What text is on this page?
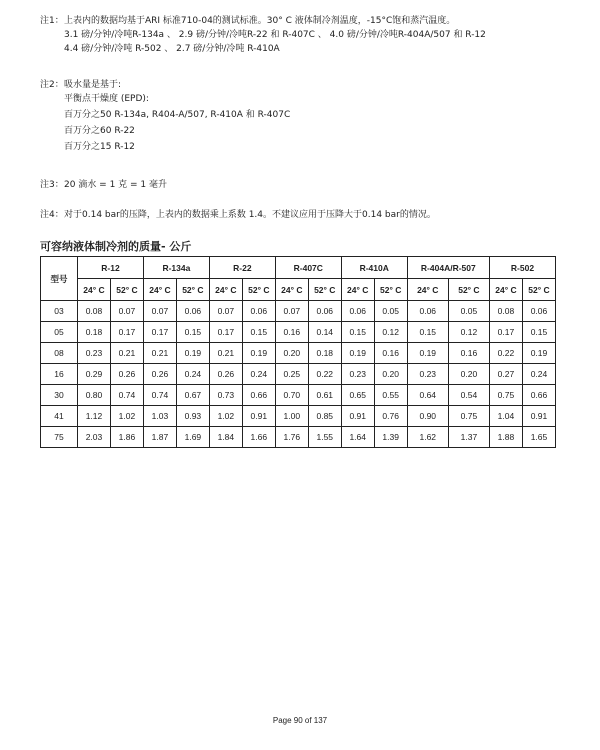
注1：上表内的数据均基于ARI 标准710-04的测试标准。30° C 液体制冷剂温度，-15°C饱和蒸汽温度。
3.1 磅/分钟/冷吨R-134a 、 2.9 磅/分钟/冷吨R-22 和 R-407C 、 4.0 磅/分钟/冷吨R-404A/507 和 R-12
4.4 磅/分钟/冷吨 R-502 、 2.7 磅/分钟/冷吨 R-410A
注2：吸水量是基于:
平衡点干燥度 (EPD):
百万分之50 R-134a, R404-A/507, R-410A 和 R-407C
百万分之60 R-22
百万分之15 R-12
注3：20 滴水 = 1 克 = 1 毫升
注4：对于0.14 bar的压降，上表内的数据乘上系数 1.4。不建议应用于压降大于0.14 bar的情况。
可容纳液体制冷剂的质量- 公斤
型号	R-12		R-134a		R-22		R-407C		R-410A		R-404A/R-507		R-502	
	24° C	52° C	24° C	52° C	24° C	52° C	24° C	52° C	24° C	52° C	24° C	52° C	24° C	52° C
03	0.08	0.07	0.07	0.06	0.07	0.06	0.07	0.06	0.06	0.05	0.06	0.05	0.08	0.06
05	0.18	0.17	0.17	0.15	0.17	0.15	0.16	0.14	0.15	0.12	0.15	0.12	0.17	0.15
08	0.23	0.21	0.21	0.19	0.21	0.19	0.20	0.18	0.19	0.16	0.19	0.16	0.22	0.19
16	0.29	0.26	0.26	0.24	0.26	0.24	0.25	0.22	0.23	0.20	0.23	0.20	0.27	0.24
30	0.80	0.74	0.74	0.67	0.73	0.66	0.70	0.61	0.65	0.55	0.64	0.54	0.75	0.66
41	1.12	1.02	1.03	0.93	1.02	0.91	1.00	0.85	0.91	0.76	0.90	0.75	1.04	0.91
75	2.03	1.86	1.87	1.69	1.84	1.66	1.76	1.55	1.64	1.39	1.62	1.37	1.88	1.65
Page 90 of 137
